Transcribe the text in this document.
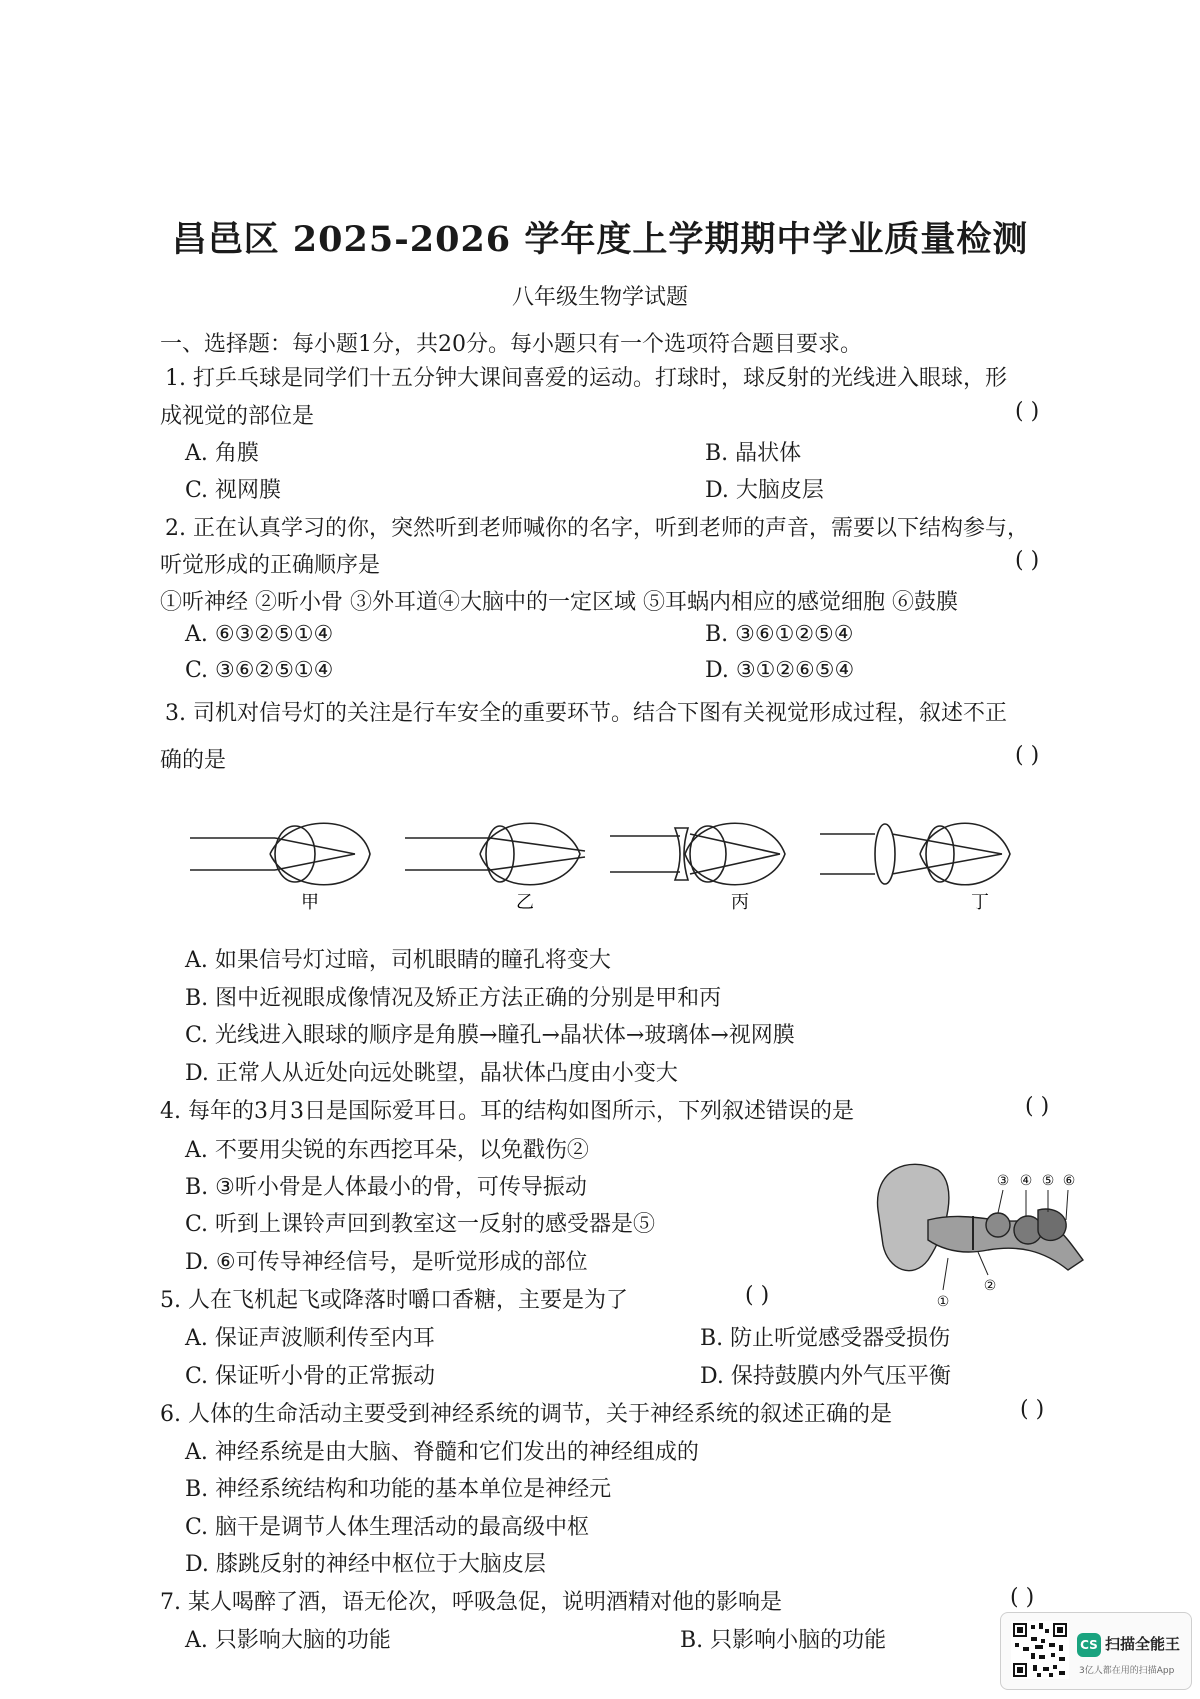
昌邑区 2025-2026 学年度上学期期中学业质量检测
八年级生物学试题
一、选择题：每小题1分，共20分。每小题只有一个选项符合题目要求。
1. 打乒乓球是同学们十五分钟大课间喜爱的运动。打球时，球反射的光线进入眼球，形
成视觉的部位是	( )
A. 角膜	B. 晶状体
C. 视网膜	D. 大脑皮层
2. 正在认真学习的你，突然听到老师喊你的名字，听到老师的声音，需要以下结构参与，
听觉形成的正确顺序是	( )
①听神经 ②听小骨 ③外耳道④大脑中的一定区域 ⑤耳蜗内相应的感觉细胞 ⑥鼓膜
A. ⑥③②⑤①④	B. ③⑥①②⑤④
C. ③⑥②⑤①④	D. ③①②⑥⑤④
3. 司机对信号灯的关注是行车安全的重要环节。结合下图有关视觉形成过程，叙述不正
确的是	( )
甲	乙	丙	丁
A. 如果信号灯过暗，司机眼睛的瞳孔将变大
B. 图中近视眼成像情况及矫正方法正确的分别是甲和丙
C. 光线进入眼球的顺序是角膜→瞳孔→晶状体→玻璃体→视网膜
D. 正常人从近处向远处眺望，晶状体凸度由小变大
4. 每年的3月3日是国际爱耳日。耳的结构如图所示，下列叙述错误的是	( )
A. 不要用尖锐的东西挖耳朵，以免戳伤②
B. ③听小骨是人体最小的骨，可传导振动
C. 听到上课铃声回到教室这一反射的感受器是⑤
D. ⑥可传导神经信号，是听觉形成的部位
③ ④ ⑤ ⑥
②
①
5. 人在飞机起飞或降落时嚼口香糖，主要是为了	( )
A. 保证声波顺利传至内耳	B. 防止听觉感受器受损伤
C. 保证听小骨的正常振动	D. 保持鼓膜内外气压平衡
6. 人体的生命活动主要受到神经系统的调节，关于神经系统的叙述正确的是	( )
A. 神经系统是由大脑、脊髓和它们发出的神经组成的
B. 神经系统结构和功能的基本单位是神经元
C. 脑干是调节人体生理活动的最高级中枢
D. 膝跳反射的神经中枢位于大脑皮层
7. 某人喝醉了酒，语无伦次，呼吸急促，说明酒精对他的影响是	( )
A. 只影响大脑的功能	B. 只影响小脑的功能	CS 扫描全能王
3亿人都在用的扫描App
